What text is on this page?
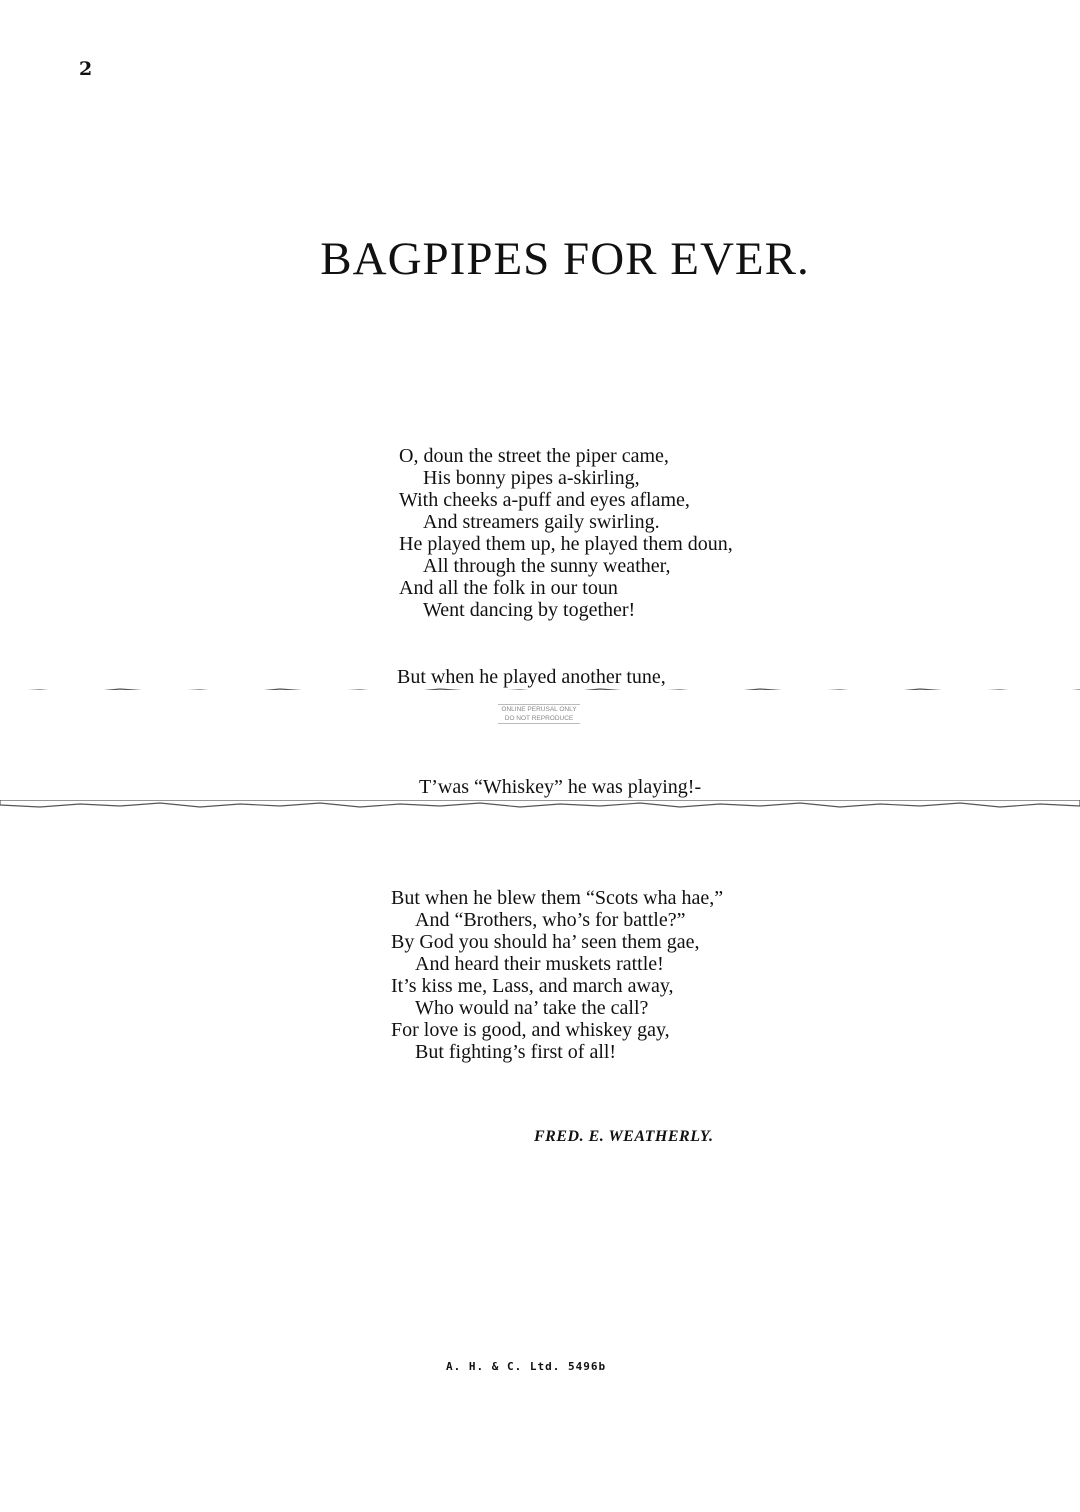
2
BAGPIPES FOR EVER.
O, doun the street the piper came,
His bonny pipes a-skirling,
With cheeks a-puff and eyes aflame,
And streamers gaily swirling.
He played them up, he played them doun,
All through the sunny weather,
And all the folk in our toun
Went dancing by together!
But when he played another tune,
ONLINE PERUSAL ONLY
DO NOT REPRODUCE
T’was “Whiskey” he was playing!-
But when he blew them “Scots wha hae,”
And “Brothers, who’s for battle?”
By God you should ha’ seen them gae,
And heard their muskets rattle!
It’s kiss me, Lass, and march away,
Who would na’ take the call?
For love is good, and whiskey gay,
But fighting’s first of all!
FRED. E. WEATHERLY.
A. H. & C. Ltd. 5496b
